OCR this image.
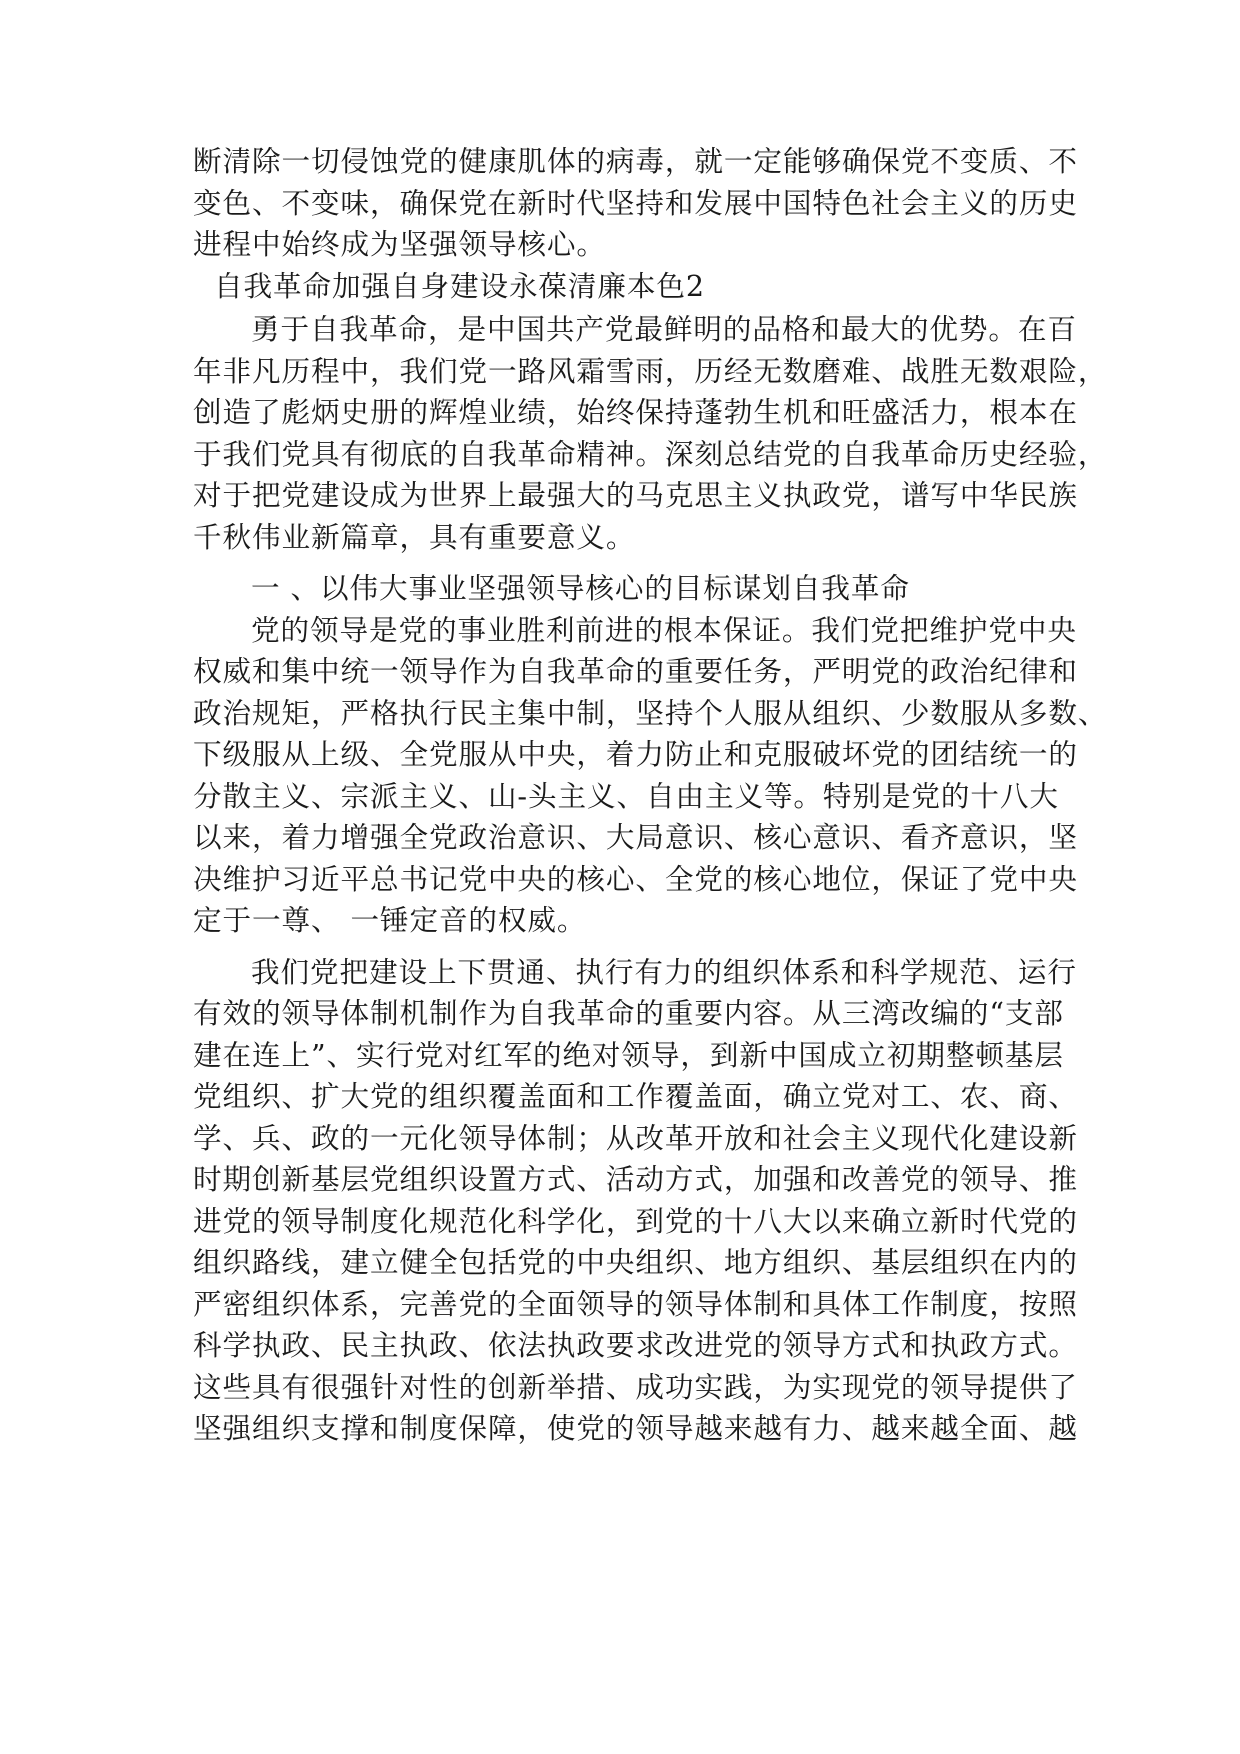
断清除一切侵蚀党的健康肌体的病毒，就一定能够确保党不变质、不
变色、不变味，确保党在新时代坚持和发展中国特色社会主义的历史
进程中始终成为坚强领导核心。
自我革命加强自身建设永葆清廉本色2
勇于自我革命，是中国共产党最鲜明的品格和最大的优势。在百
年非凡历程中，我们党一路风霜雪雨，历经无数磨难、战胜无数艰险，
创造了彪炳史册的辉煌业绩，始终保持蓬勃生机和旺盛活力，根本在
于我们党具有彻底的自我革命精神。深刻总结党的自我革命历史经验，
对于把党建设成为世界上最强大的马克思主义执政党，谱写中华民族
千秋伟业新篇章，具有重要意义。
一 、以伟大事业坚强领导核心的目标谋划自我革命
党的领导是党的事业胜利前进的根本保证。我们党把维护党中央
权威和集中统一领导作为自我革命的重要任务，严明党的政治纪律和
政治规矩，严格执行民主集中制，坚持个人服从组织、少数服从多数、
下级服从上级、全党服从中央，着力防止和克服破坏党的团结统一的
分散主义、宗派主义、山-头主义、自由主义等。特别是党的十八大
以来，着力增强全党政治意识、大局意识、核心意识、看齐意识，坚
决维护习近平总书记党中央的核心、全党的核心地位，保证了党中央
定于一尊、 一锤定音的权威。
我们党把建设上下贯通、执行有力的组织体系和科学规范、运行
有效的领导体制机制作为自我革命的重要内容。从三湾改编的“支部
建在连上”、实行党对红军的绝对领导，到新中国成立初期整顿基层
党组织、扩大党的组织覆盖面和工作覆盖面，确立党对工、农、商、
学、兵、政的一元化领导体制；从改革开放和社会主义现代化建设新
时期创新基层党组织设置方式、活动方式，加强和改善党的领导、推
进党的领导制度化规范化科学化，到党的十八大以来确立新时代党的
组织路线，建立健全包括党的中央组织、地方组织、基层组织在内的
严密组织体系，完善党的全面领导的领导体制和具体工作制度，按照
科学执政、民主执政、依法执政要求改进党的领导方式和执政方式。
这些具有很强针对性的创新举措、成功实践，为实现党的领导提供了
坚强组织支撑和制度保障，使党的领导越来越有力、越来越全面、越
